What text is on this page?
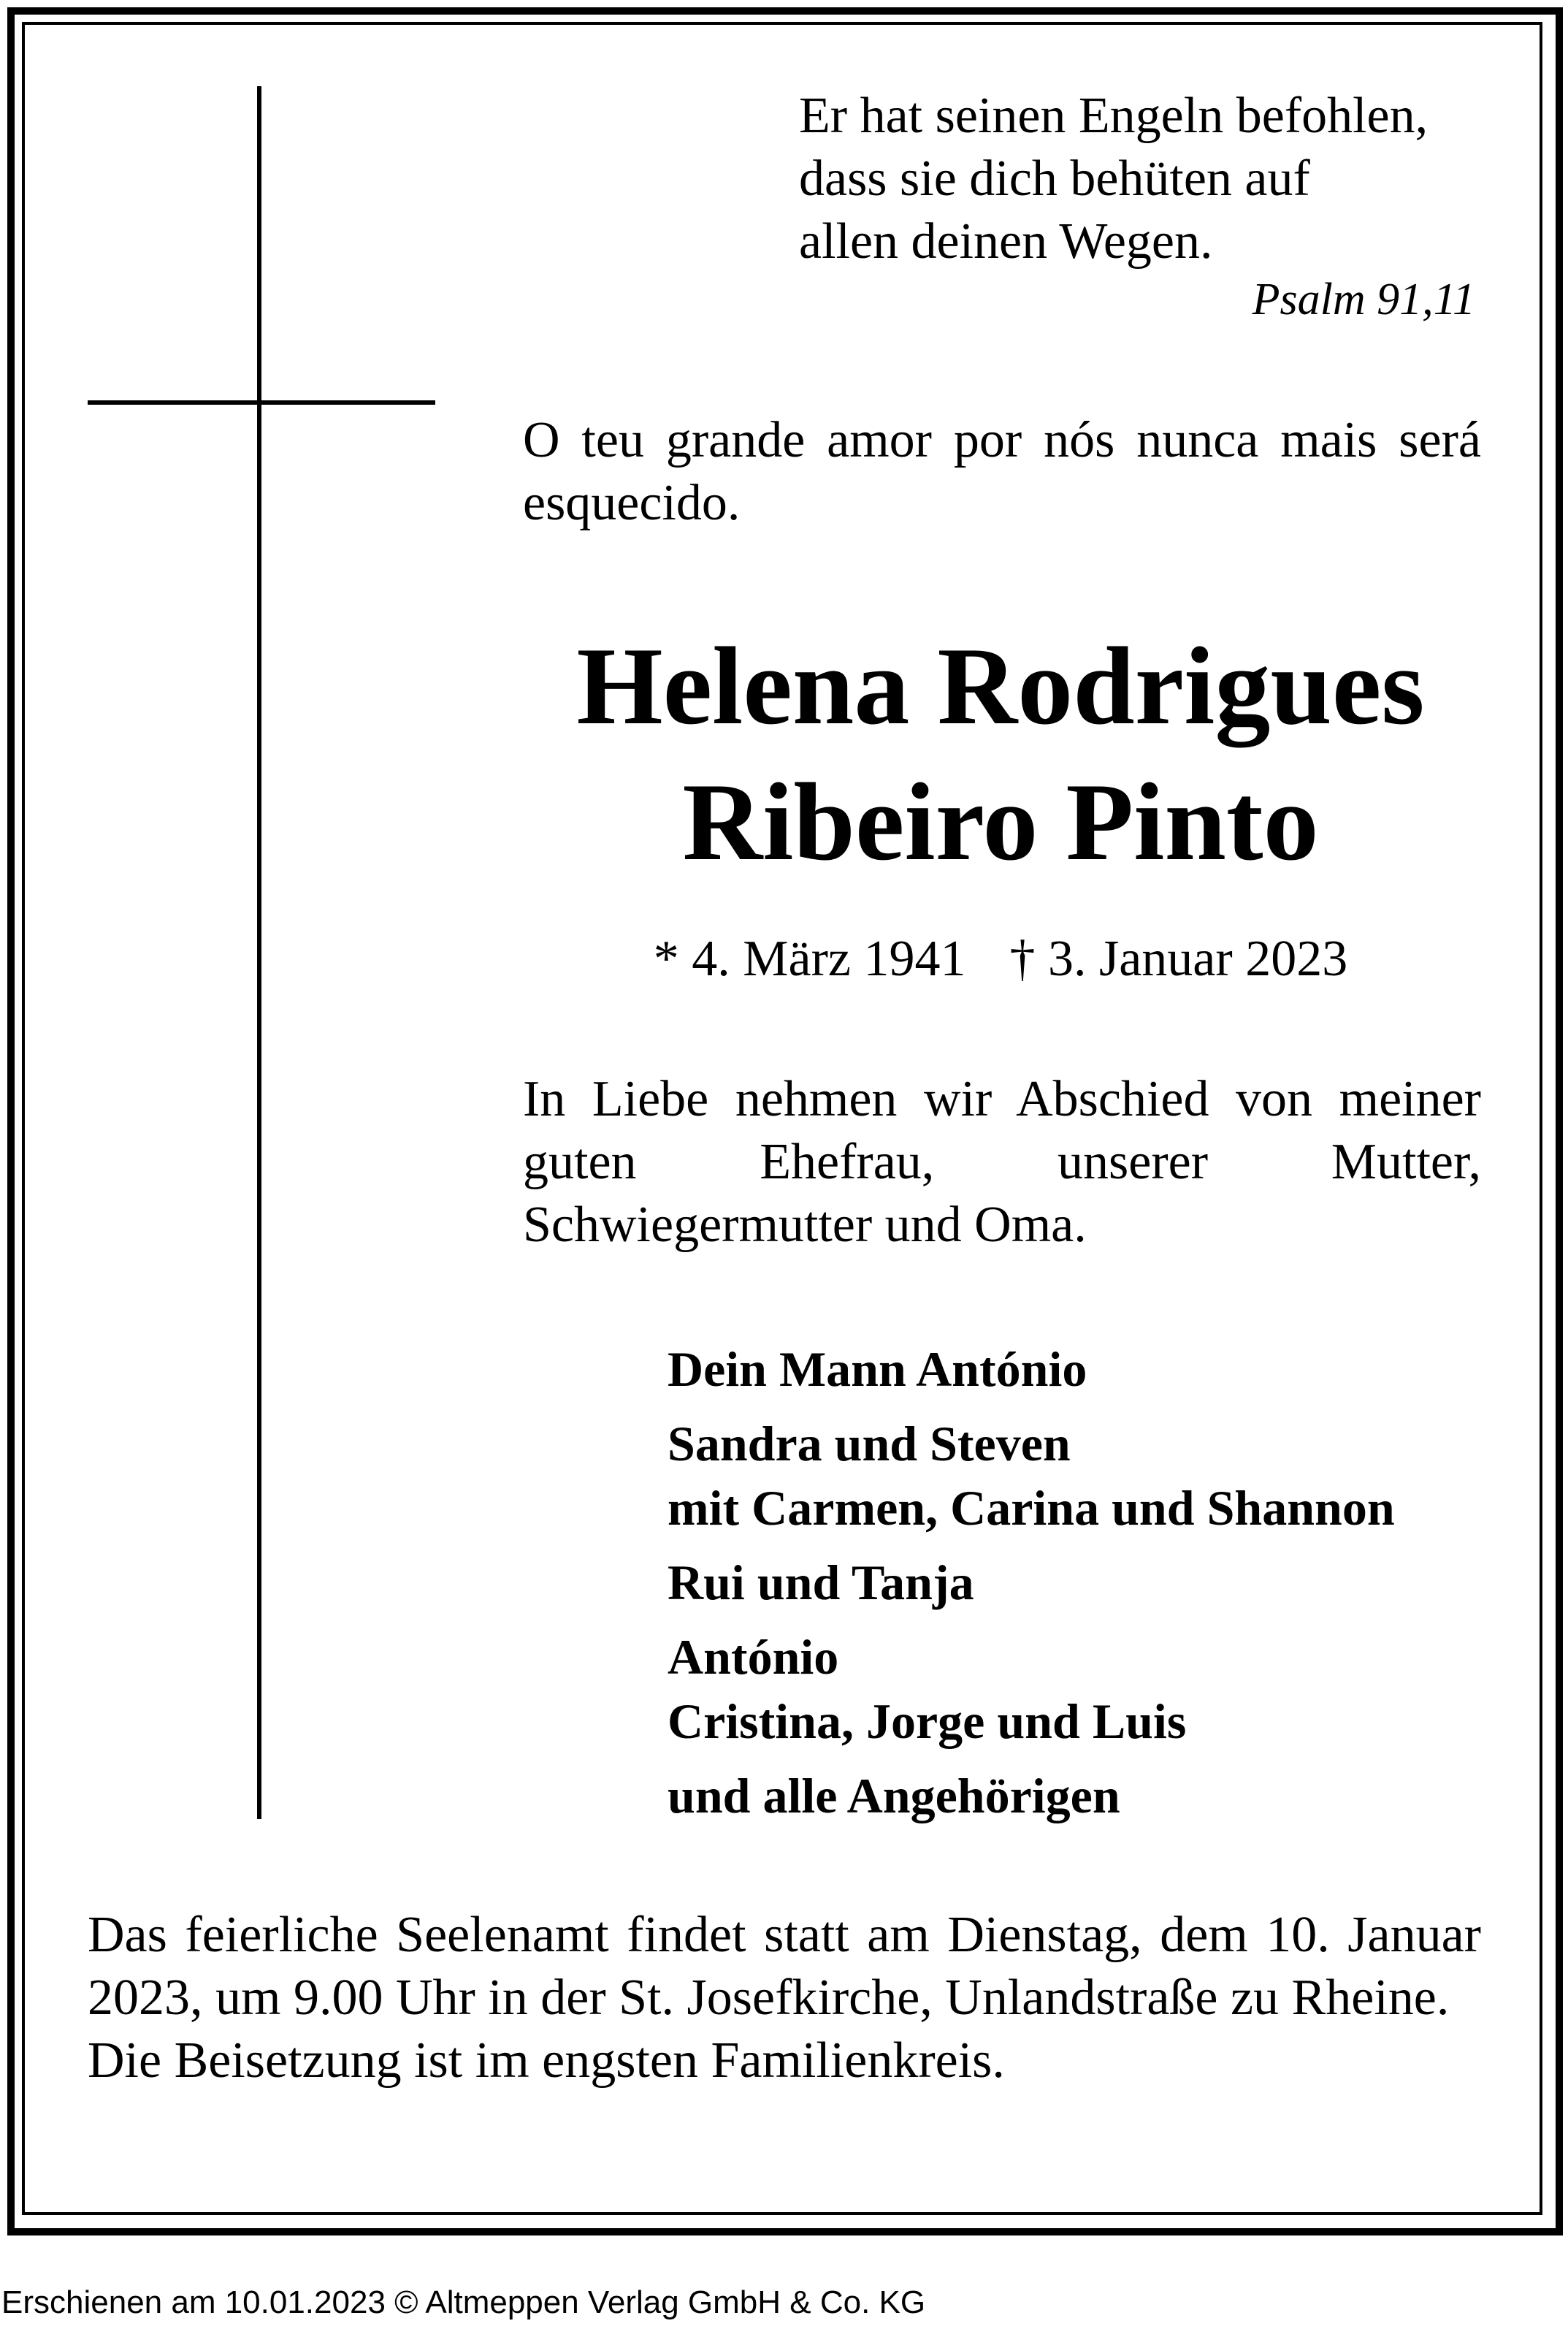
Er hat seinen Engeln befohlen,
dass sie dich behüten auf
allen deinen Wegen.
Psalm 91,11
O teu grande amor por nós nunca mais será esquecido.
Helena Rodrigues
Ribeiro Pinto
* 4. März 1941 † 3. Januar 2023
In Liebe nehmen wir Abschied von meiner guten Ehefrau, unserer Mutter, Schwiegermutter und Oma.
Dein Mann António
Sandra und Steven
mit Carmen, Carina und Shannon
Rui und Tanja
António
Cristina, Jorge und Luis
und alle Angehörigen
Das feierliche Seelenamt findet statt am Dienstag, dem 10. Januar 2023, um 9.00 Uhr in der St. Josefkirche, Unlandstraße zu Rheine.
Die Beisetzung ist im engsten Familienkreis.
Erschienen am 10.01.2023 © Altmeppen Verlag GmbH & Co. KG
